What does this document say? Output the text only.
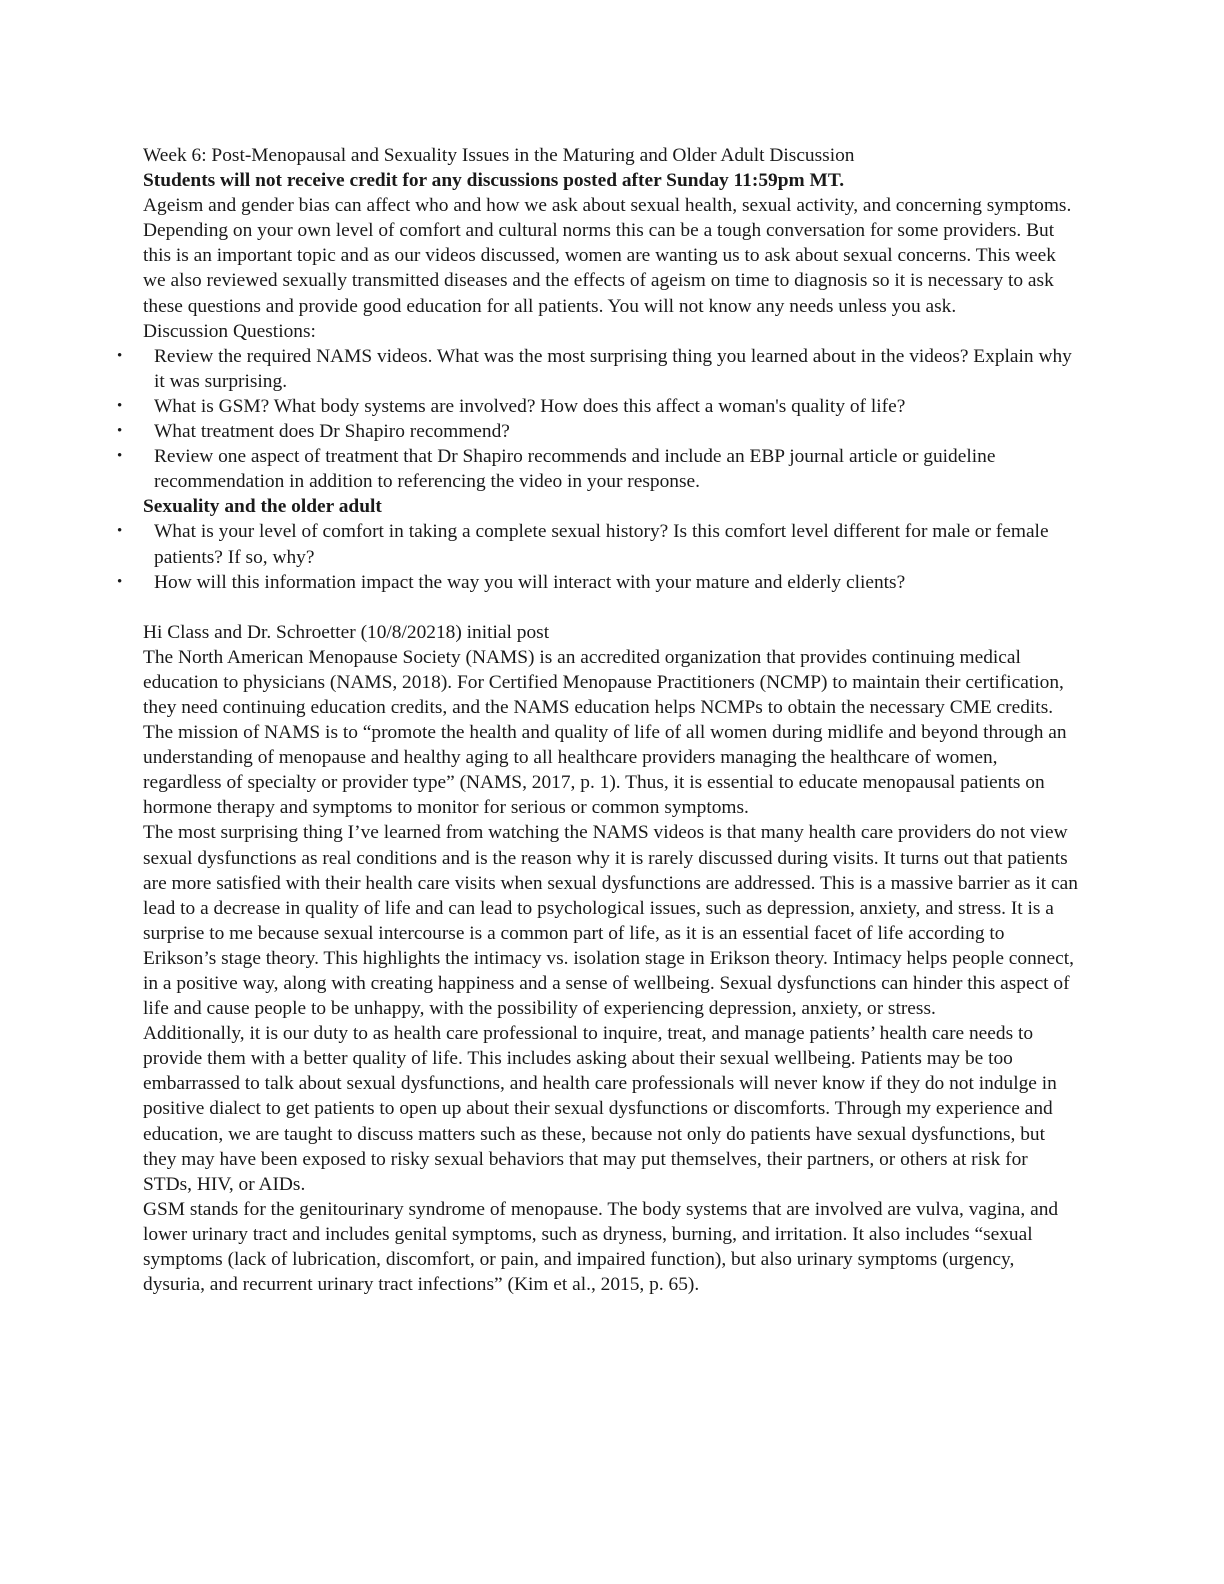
Week 6: Post-Menopausal and Sexuality Issues in the Maturing and Older Adult Discussion

Students will not receive credit for any discussions posted after Sunday 11:59pm MT.

Ageism and gender bias can affect who and how we ask about sexual health, sexual activity, and concerning symptoms. Depending on your own level of comfort and cultural norms this can be a tough conversation for some providers. But this is an important topic and as our videos discussed, women are wanting us to ask about sexual concerns. This week we also reviewed sexually transmitted diseases and the effects of ageism on time to diagnosis so it is necessary to ask these questions and provide good education for all patients. You will not know any needs unless you ask.

Discussion Questions:

• Review the required NAMS videos. What was the most surprising thing you learned about in the videos? Explain why it was surprising.
• What is GSM? What body systems are involved? How does this affect a woman's quality of life?
• What treatment does Dr Shapiro recommend?
• Review one aspect of treatment that Dr Shapiro recommends and include an EBP journal article or guideline recommendation in addition to referencing the video in your response.

Sexuality and the older adult

• What is your level of comfort in taking a complete sexual history? Is this comfort level different for male or female patients? If so, why?
• How will this information impact the way you will interact with your mature and elderly clients?

Hi Class and Dr. Schroetter (10/8/20218) initial post

The North American Menopause Society (NAMS) is an accredited organization that provides continuing medical education to physicians (NAMS, 2018). For Certified Menopause Practitioners (NCMP) to maintain their certification, they need continuing education credits, and the NAMS education helps NCMPs to obtain the necessary CME credits. The mission of NAMS is to “promote the health and quality of life of all women during midlife and beyond through an understanding of menopause and healthy aging to all healthcare providers managing the healthcare of women, regardless of specialty or provider type” (NAMS, 2017, p. 1). Thus, it is essential to educate menopausal patients on hormone therapy and symptoms to monitor for serious or common symptoms.

The most surprising thing I’ve learned from watching the NAMS videos is that many health care providers do not view sexual dysfunctions as real conditions and is the reason why it is rarely discussed during visits. It turns out that patients are more satisfied with their health care visits when sexual dysfunctions are addressed. This is a massive barrier as it can lead to a decrease in quality of life and can lead to psychological issues, such as depression, anxiety, and stress. It is a surprise to me because sexual intercourse is a common part of life, as it is an essential facet of life according to Erikson’s stage theory. This highlights the intimacy vs. isolation stage in Erikson theory. Intimacy helps people connect, in a positive way, along with creating happiness and a sense of wellbeing. Sexual dysfunctions can hinder this aspect of life and cause people to be unhappy, with the possibility of experiencing depression, anxiety, or stress.

Additionally, it is our duty to as health care professional to inquire, treat, and manage patients’ health care needs to provide them with a better quality of life. This includes asking about their sexual wellbeing. Patients may be too embarrassed to talk about sexual dysfunctions, and health care professionals will never know if they do not indulge in positive dialect to get patients to open up about their sexual dysfunctions or discomforts. Through my experience and education, we are taught to discuss matters such as these, because not only do patients have sexual dysfunctions, but they may have been exposed to risky sexual behaviors that may put themselves, their partners, or others at risk for STDs, HIV, or AIDs.

GSM stands for the genitourinary syndrome of menopause. The body systems that are involved are vulva, vagina, and lower urinary tract and includes genital symptoms, such as dryness, burning, and irritation. It also includes “sexual symptoms (lack of lubrication, discomfort, or pain, and impaired function), but also urinary symptoms (urgency, dysuria, and recurrent urinary tract infections” (Kim et al., 2015, p. 65).
